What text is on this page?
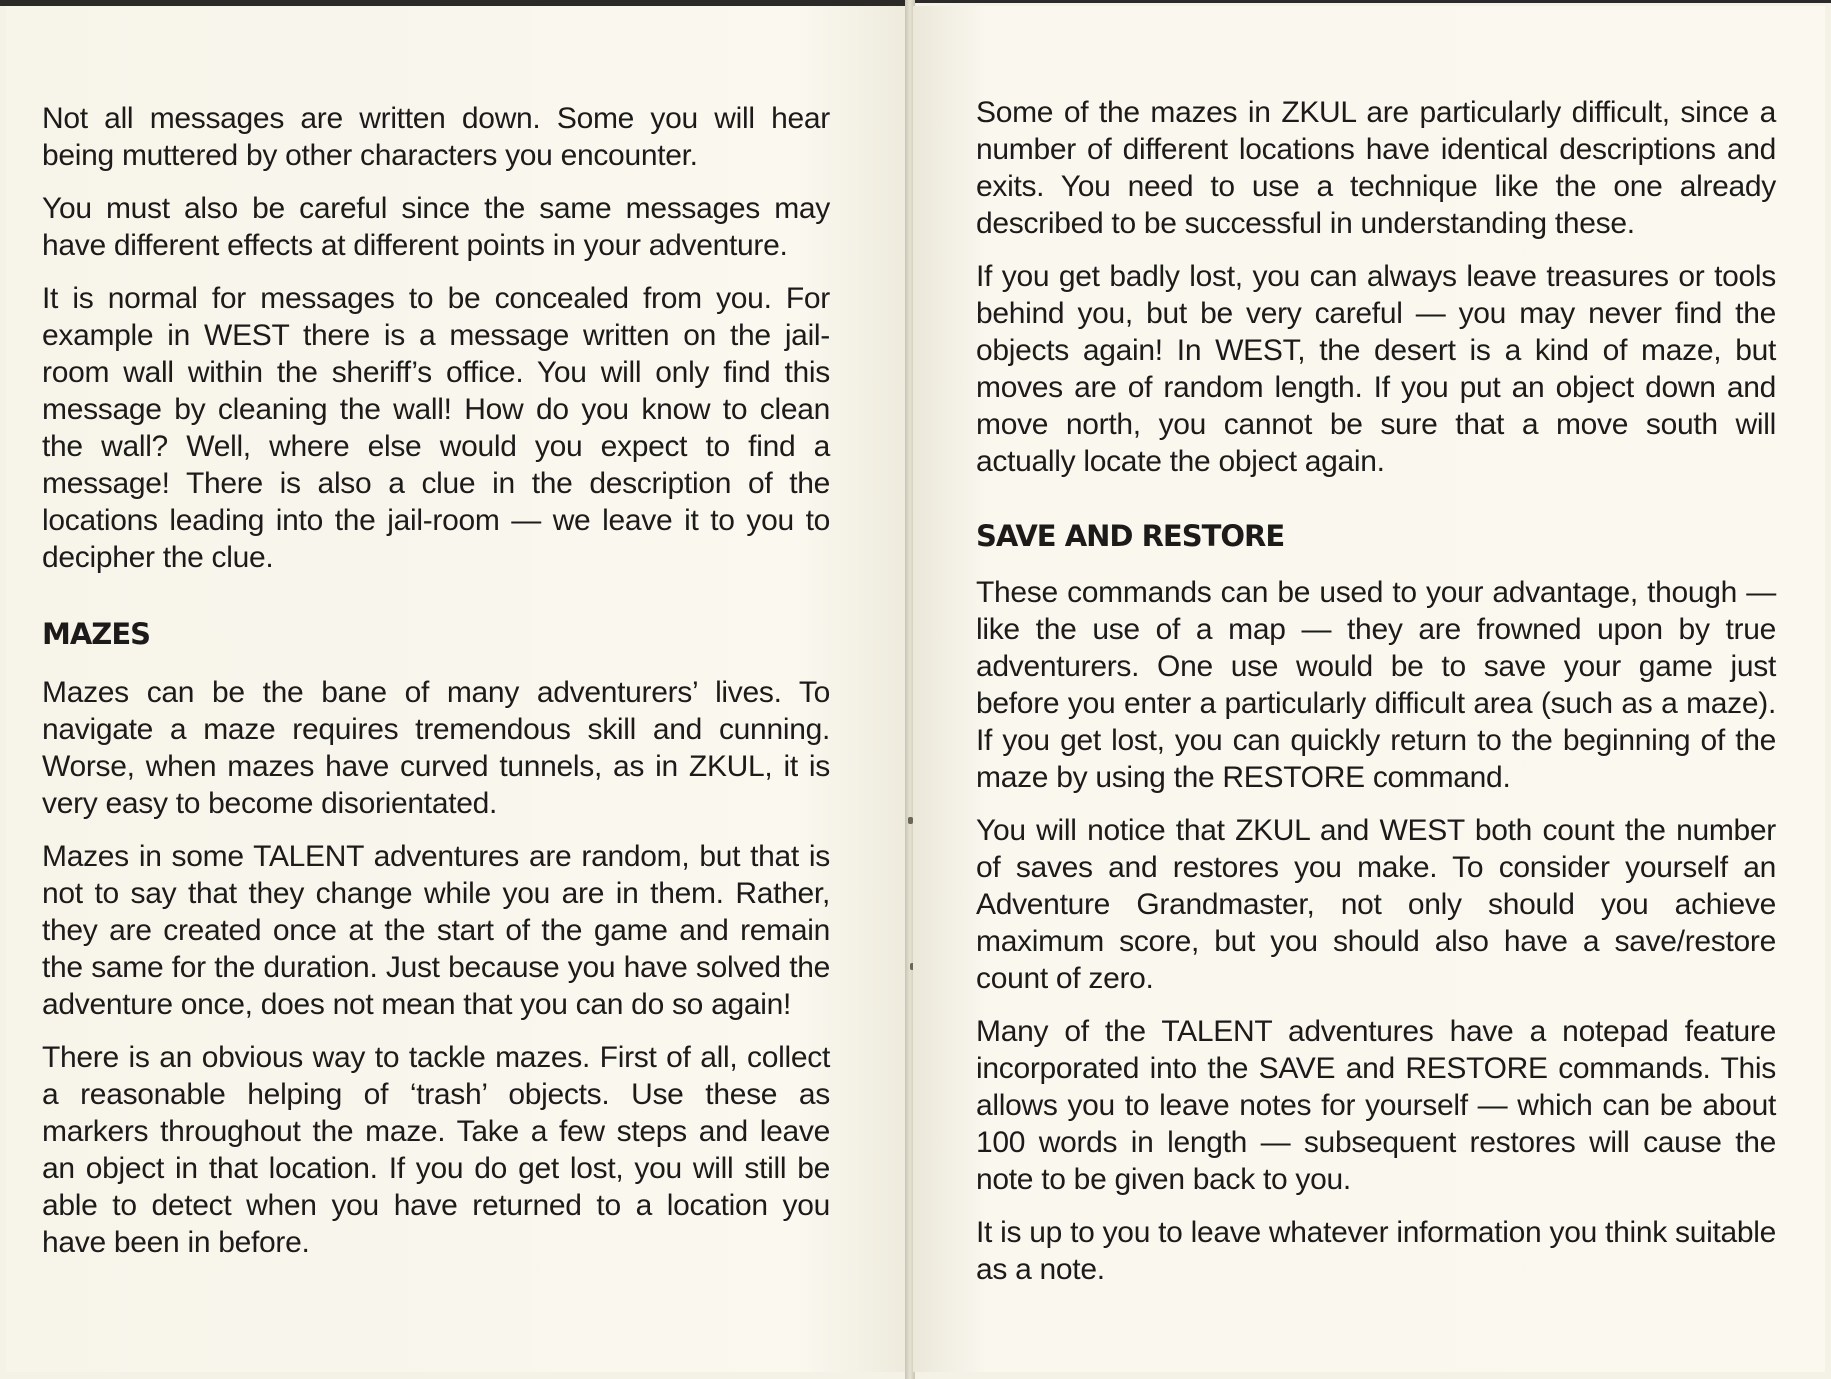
Not all messages are written down. Some you will hear being muttered by other characters you encounter.

You must also be careful since the same messages may have different effects at different points in your adventure.

It is normal for messages to be concealed from you. For example in WEST there is a message written on the jail-room wall within the sheriff’s office. You will only find this message by cleaning the wall! How do you know to clean the wall? Well, where else would you expect to find a message! There is also a clue in the description of the locations leading into the jail-room — we leave it to you to decipher the clue.

MAZES

Mazes can be the bane of many adventurers’ lives. To navigate a maze requires tremendous skill and cunning. Worse, when mazes have curved tunnels, as in ZKUL, it is very easy to become disorientated.

Mazes in some TALENT adventures are random, but that is not to say that they change while you are in them. Rather, they are created once at the start of the game and remain the same for the duration. Just because you have solved the adventure once, does not mean that you can do so again!

There is an obvious way to tackle mazes. First of all, collect a reasonable helping of ‘trash’ objects. Use these as markers throughout the maze. Take a few steps and leave an object in that location. If you do get lost, you will still be able to detect when you have returned to a location you have been in before.

Some of the mazes in ZKUL are particularly difficult, since a number of different locations have identical descriptions and exits. You need to use a technique like the one already described to be successful in understanding these.

If you get badly lost, you can always leave treasures or tools behind you, but be very careful — you may never find the objects again! In WEST, the desert is a kind of maze, but moves are of random length. If you put an object down and move north, you cannot be sure that a move south will actually locate the object again.

SAVE AND RESTORE

These commands can be used to your advantage, though — like the use of a map — they are frowned upon by true adventurers. One use would be to save your game just before you enter a particularly difficult area (such as a maze). If you get lost, you can quickly return to the beginning of the maze by using the RESTORE command.

You will notice that ZKUL and WEST both count the number of saves and restores you make. To consider yourself an Adventure Grandmaster, not only should you achieve maximum score, but you should also have a save/restore count of zero.

Many of the TALENT adventures have a notepad feature incorporated into the SAVE and RESTORE commands. This allows you to leave notes for yourself — which can be about 100 words in length — subsequent restores will cause the note to be given back to you.

It is up to you to leave whatever information you think suitable as a note.
